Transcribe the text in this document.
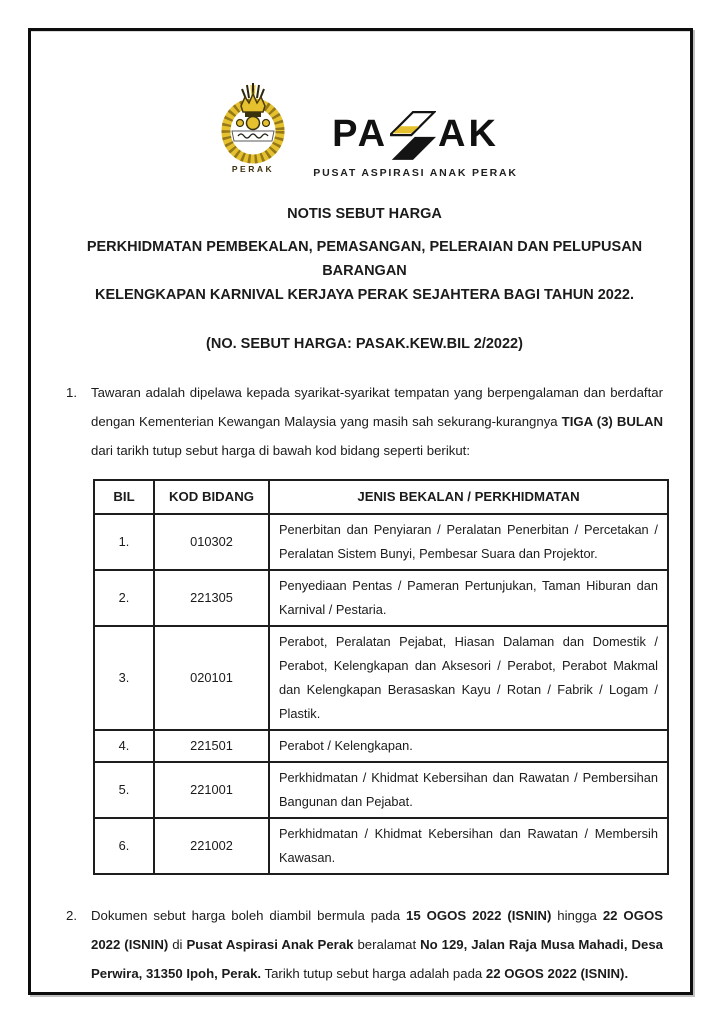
PERAK
PA AK
PUSAT ASPIRASI ANAK PERAK
NOTIS SEBUT HARGA
PERKHIDMATAN PEMBEKALAN, PEMASANGAN, PELERAIAN DAN PELUPUSAN BARANGAN
KELENGKAPAN KARNIVAL KERJAYA PERAK SEJAHTERA BAGI TAHUN 2022.
(NO. SEBUT HARGA: PASAK.KEW.BIL 2/2022)
1.	Tawaran adalah dipelawa kepada syarikat-syarikat tempatan yang berpengalaman dan berdaftar dengan Kementerian Kewangan Malaysia yang masih sah sekurang-kurangnya TIGA (3) BULAN dari tarikh tutup sebut harga di bawah kod bidang seperti berikut:
BIL	KOD BIDANG	JENIS BEKALAN / PERKHIDMATAN
1.	010302	Penerbitan dan Penyiaran / Peralatan Penerbitan / Percetakan / Peralatan Sistem Bunyi, Pembesar Suara dan Projektor.
2.	221305	Penyediaan Pentas / Pameran Pertunjukan, Taman Hiburan dan Karnival / Pestaria.
3.	020101	Perabot, Peralatan Pejabat, Hiasan Dalaman dan Domestik / Perabot, Kelengkapan dan Aksesori / Perabot, Perabot Makmal dan Kelengkapan Berasaskan Kayu / Rotan / Fabrik / Logam / Plastik.
4.	221501	Perabot / Kelengkapan.
5.	221001	Perkhidmatan / Khidmat Kebersihan dan Rawatan / Pembersihan Bangunan dan Pejabat.
6.	221002	Perkhidmatan / Khidmat Kebersihan dan Rawatan / Membersih Kawasan.
2.	Dokumen sebut harga boleh diambil bermula pada 15 OGOS 2022 (ISNIN) hingga 22 OGOS 2022 (ISNIN) di Pusat Aspirasi Anak Perak beralamat No 129, Jalan Raja Musa Mahadi, Desa Perwira, 31350 Ipoh, Perak. Tarikh tutup sebut harga adalah pada 22 OGOS 2022 (ISNIN).
